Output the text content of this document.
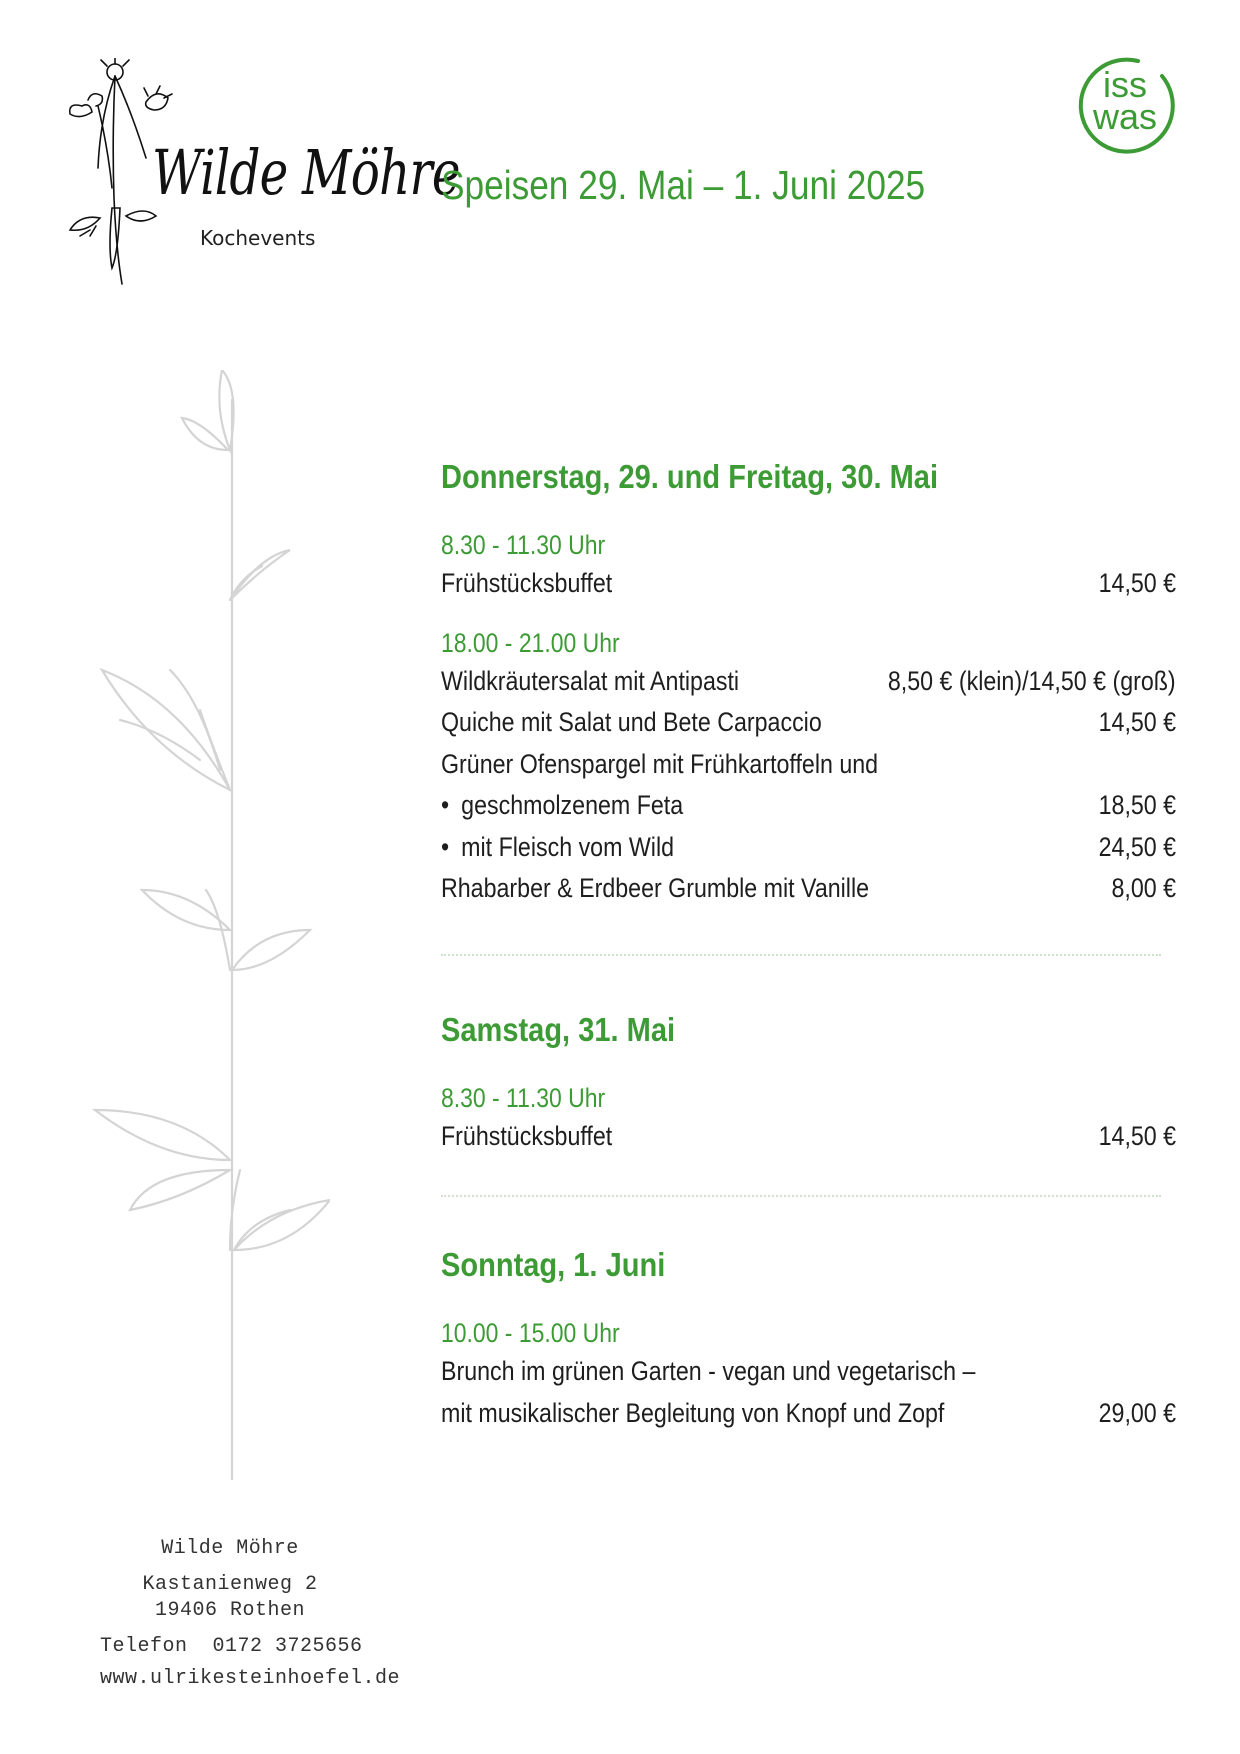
Wilde Möhre
Kochevents
Speisen 29. Mai – 1. Juni 2025
iss
was
Donnerstag, 29. und Freitag, 30. Mai

8.30 - 11.30 Uhr

Frühstücksbuffet	14,50 €

18.00 - 21.00 Uhr

Wildkräutersalat mit Antipasti	8,50 € (klein)/14,50 € (groß)
Quiche mit Salat und Bete Carpaccio	14,50 €
Grüner Ofenspargel mit Frühkartoffeln und
• geschmolzenem Feta	18,50 €
• mit Fleisch vom Wild	24,50 €
Rhabarber & Erdbeer Grumble mit Vanille	8,00 €
Samstag, 31. Mai

8.30 - 11.30 Uhr

Frühstücksbuffet	14,50 €
Sonntag, 1. Juni

10.00 - 15.00 Uhr

Brunch im grünen Garten - vegan und vegetarisch –
mit musikalischer Begleitung von Knopf und Zopf	29,00 €
Wilde Möhre
Kastanienweg 2
19406 Rothen
Telefon  0172 3725656
www.ulrikesteinhoefel.de
